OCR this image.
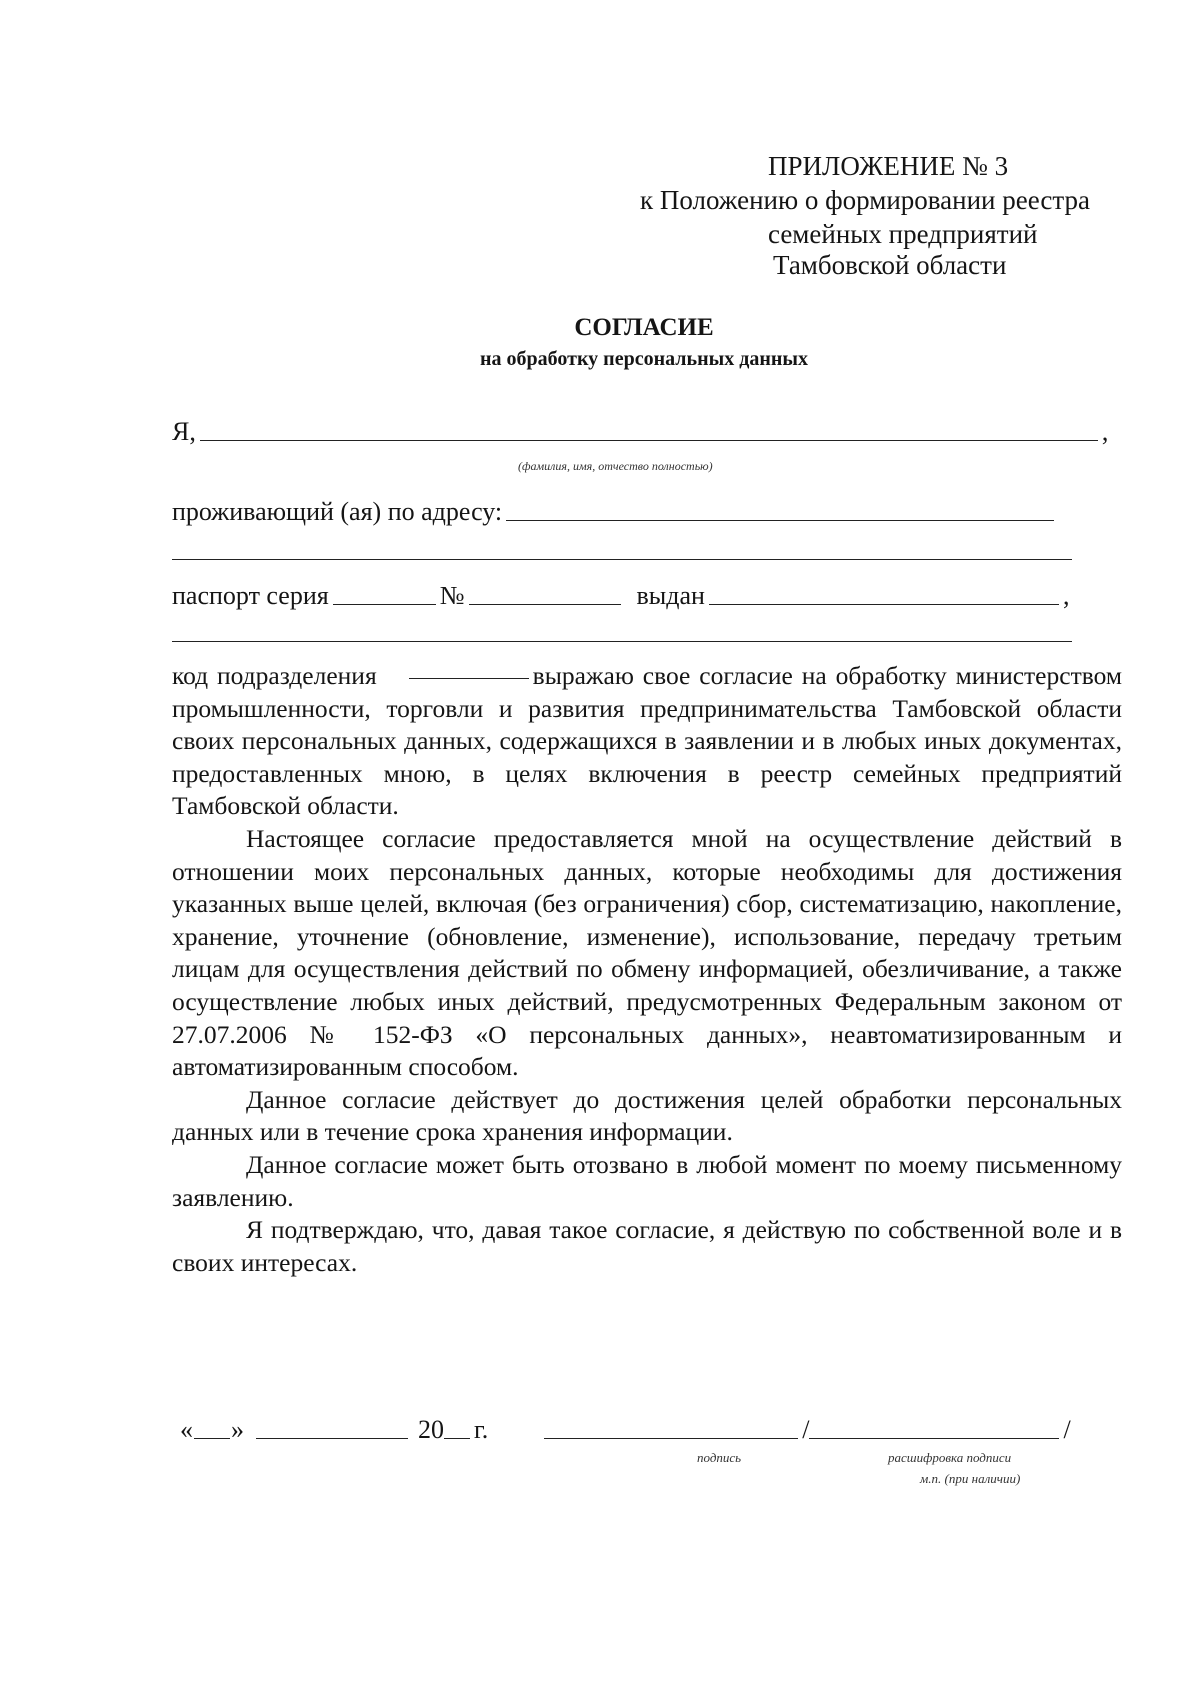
ПРИЛОЖЕНИЕ № 3
к Положению о формировании реестра
семейных предприятий
Тамбовской области
СОГЛАСИЕ
на обработку персональных данных
Я,	,
(фамилия, имя, отчество полностью)
проживающий (ая) по адресу:
паспорт серия	№	выдан	,

код подразделения	выражаю свое согласие на обработку министерством промышленности, торговли и развития предпринимательства Тамбовской области своих персональных данных, содержащихся в заявлении и в любых иных документах, предоставленных мною, в целях включения в реестр семейных предприятий Тамбовской области.

Настоящее согласие предоставляется мной на осуществление действий в отношении моих персональных данных, которые необходимы для достижения указанных выше целей, включая (без ограничения) сбор, систематизацию, накопление, хранение, уточнение (обновление, изменение), использование, передачу третьим лицам для осуществления действий по обмену информацией, обезличивание, а также осуществление любых иных действий, предусмотренных Федеральным законом от 27.07.2006 № 152-ФЗ «О персональных данных», неавтоматизированным и автоматизированным способом.

Данное согласие действует до достижения целей обработки персональных данных или в течение срока хранения информации.

Данное согласие может быть отозвано в любой момент по моему письменному заявлению.

Я подтверждаю, что, давая такое согласие, я действую по собственной воле и в своих интересах.

« »	20 г.	/	/
подпись	расшифровка подписи
м.п. (при наличии)
